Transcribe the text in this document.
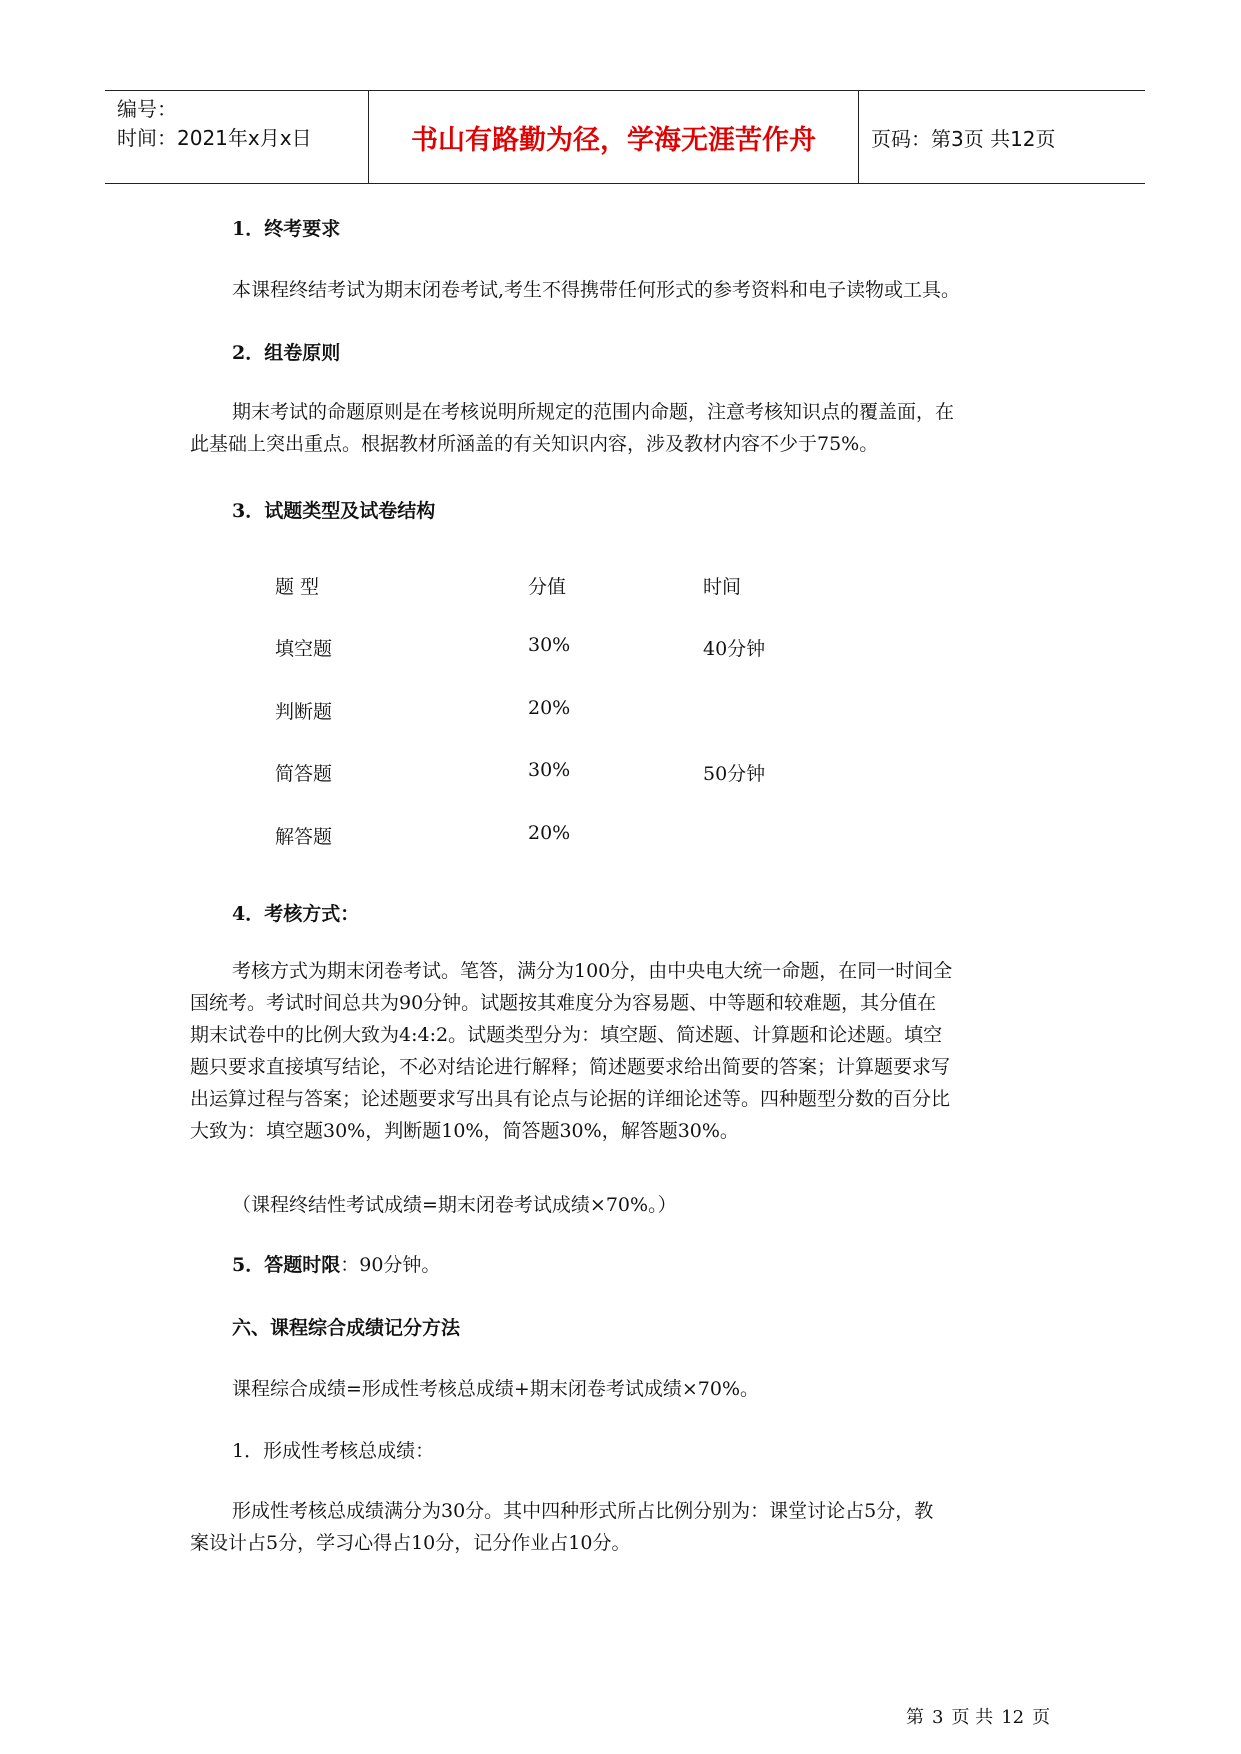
编号：
时间：2021年x月x日	书山有路勤为径，学海无涯苦作舟	页码：第3页 共12页
1．终考要求
本课程终结考试为期末闭卷考试,考生不得携带任何形式的参考资料和电子读物或工具。
2．组卷原则
期末考试的命题原则是在考核说明所规定的范围内命题，注意考核知识点的覆盖面，在
此基础上突出重点。根据教材所涵盖的有关知识内容，涉及教材内容不少于75%。
3．试题类型及试卷结构
题 型	分值	时间
填空题	30%	40分钟
判断题	20%
简答题	30%	50分钟
解答题	20%
4．考核方式：
考核方式为期末闭卷考试。笔答，满分为100分，由中央电大统一命题，在同一时间全
国统考。考试时间总共为90分钟。试题按其难度分为容易题、中等题和较难题，其分值在
期末试卷中的比例大致为4:4:2。试题类型分为：填空题、简述题、计算题和论述题。填空
题只要求直接填写结论，不必对结论进行解释；简述题要求给出简要的答案；计算题要求写
出运算过程与答案；论述题要求写出具有论点与论据的详细论述等。四种题型分数的百分比
大致为：填空题30%，判断题10%，简答题30%，解答题30%。
（课程终结性考试成绩=期末闭卷考试成绩×70%。）
5．答题时限：90分钟。
六、课程综合成绩记分方法
课程综合成绩=形成性考核总成绩+期末闭卷考试成绩×70%。
1．形成性考核总成绩：
形成性考核总成绩满分为30分。其中四种形式所占比例分别为：课堂讨论占5分，教
案设计占5分，学习心得占10分，记分作业占10分。
第 3 页 共 12 页
